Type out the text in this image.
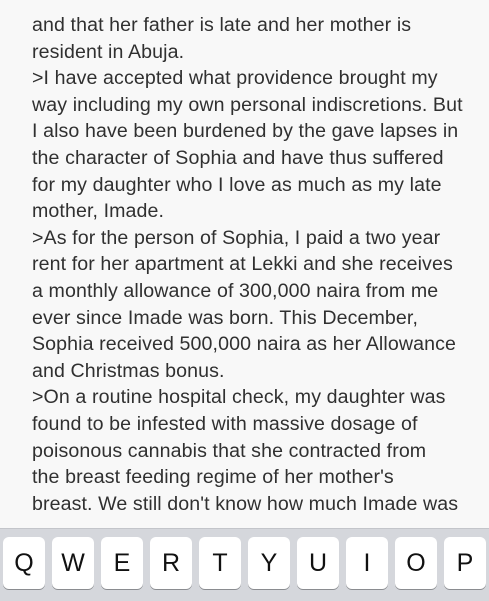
and that her father is late and her mother is
resident in Abuja.
>I have accepted what providence brought my
way including my own personal indiscretions. But
I also have been burdened by the gave lapses in
the character of Sophia and have thus suffered
for my daughter who I love as much as my late
mother, Imade.
>As for the person of Sophia, I paid a two year
rent for her apartment at Lekki and she receives
a monthly allowance of 300,000 naira from me
ever since Imade was born. This December,
Sophia received 500,000 naira as her Allowance
and Christmas bonus.
>On a routine hospital check, my daughter was
found to be infested with massive dosage of
poisonous cannabis that she contracted from
the breast feeding regime of her mother's
breast. We still don't know how much Imade was
Q	W	E	R	T	Y	U	I	O	P
